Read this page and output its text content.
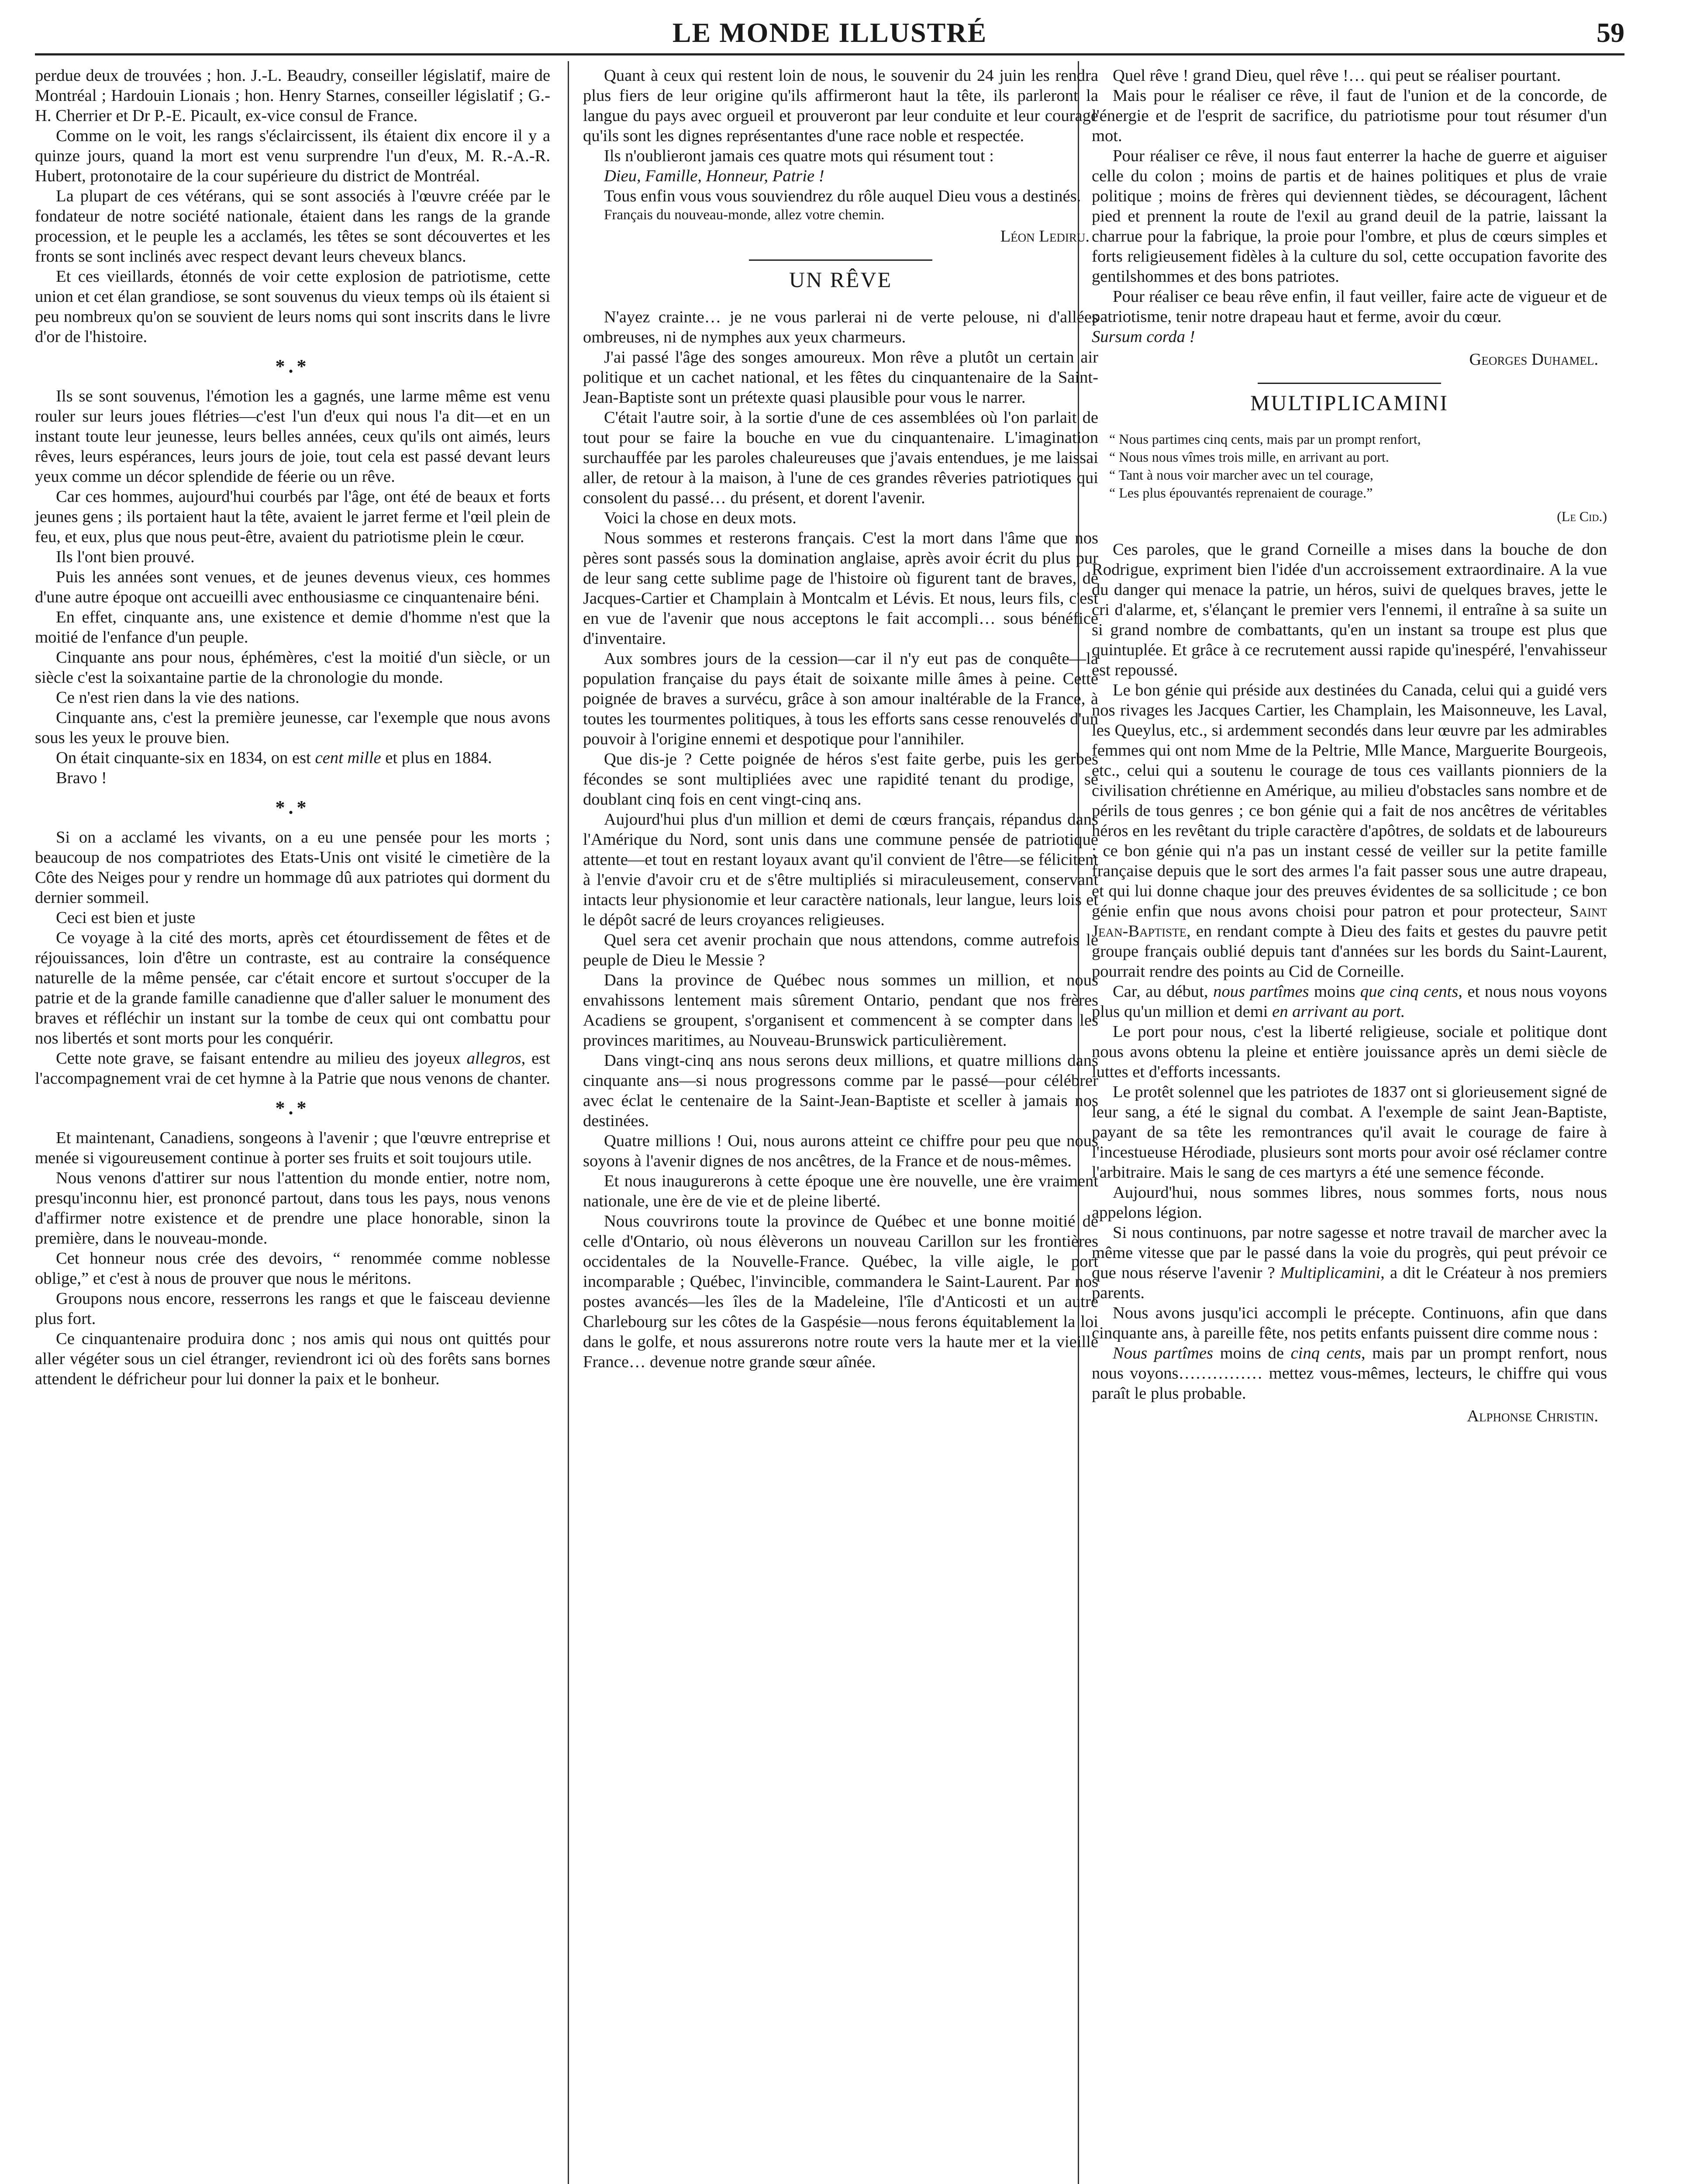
LE MONDE ILLUSTRÉ	59

perdue deux de trouvées ; hon. J.-L. Beaudry, conseiller législatif, maire de Montréal ; Hardouin Lionais ; hon. Henry Starnes, conseiller législatif ; G.-H. Cherrier et Dr P.-E. Picault, ex-vice consul de France.

Comme on le voit, les rangs s'éclaircissent, ils étaient dix encore il y a quinze jours, quand la mort est venu surprendre l'un d'eux, M. R.-A.-R. Hubert, protonotaire de la cour supérieure du district de Montréal.

La plupart de ces vétérans, qui se sont associés à l'œuvre créée par le fondateur de notre société nationale, étaient dans les rangs de la grande procession, et le peuple les a acclamés, les têtes se sont découvertes et les fronts se sont inclinés avec respect devant leurs cheveux blancs.

Et ces vieillards, étonnés de voir cette explosion de patriotisme, cette union et cet élan grandiose, se sont souvenus du vieux temps où ils étaient si peu nombreux qu'on se souvient de leurs noms qui sont inscrits dans le livre d'or de l'histoire.

*.*

Ils se sont souvenus, l'émotion les a gagnés, une larme même est venu rouler sur leurs joues flétries—c'est l'un d'eux qui nous l'a dit—et en un instant toute leur jeunesse, leurs belles années, ceux qu'ils ont aimés, leurs rêves, leurs espérances, leurs jours de joie, tout cela est passé devant leurs yeux comme un décor splendide de féerie ou un rêve.

Car ces hommes, aujourd'hui courbés par l'âge, ont été de beaux et forts jeunes gens ; ils portaient haut la tête, avaient le jarret ferme et l'œil plein de feu, et eux, plus que nous peut-être, avaient du patriotisme plein le cœur.

Ils l'ont bien prouvé.

Puis les années sont venues, et de jeunes devenus vieux, ces hommes d'une autre époque ont accueilli avec enthousiasme ce cinquantenaire béni.

En effet, cinquante ans, une existence et demie d'homme n'est que la moitié de l'enfance d'un peuple.

Cinquante ans pour nous, éphémères, c'est la moitié d'un siècle, or un siècle c'est la soixantaine partie de la chronologie du monde.

Ce n'est rien dans la vie des nations.

Cinquante ans, c'est la première jeunesse, car l'exemple que nous avons sous les yeux le prouve bien.

On était cinquante-six en 1834, on est cent mille et plus en 1884.

Bravo !

*.*

Si on a acclamé les vivants, on a eu une pensée pour les morts ; beaucoup de nos compatriotes des Etats-Unis ont visité le cimetière de la Côte des Neiges pour y rendre un hommage dû aux patriotes qui dorment du dernier sommeil.

Ceci est bien et juste

Ce voyage à la cité des morts, après cet étourdissement de fêtes et de réjouissances, loin d'être un contraste, est au contraire la conséquence naturelle de la même pensée, car c'était encore et surtout s'occuper de la patrie et de la grande famille canadienne que d'aller saluer le monument des braves et réfléchir un instant sur la tombe de ceux qui ont combattu pour nos libertés et sont morts pour les conquérir.

Cette note grave, se faisant entendre au milieu des joyeux allegros, est l'accompagnement vrai de cet hymne à la Patrie que nous venons de chanter.

*.*

Et maintenant, Canadiens, songeons à l'avenir ; que l'œuvre entreprise et menée si vigoureusement continue à porter ses fruits et soit toujours utile.

Nous venons d'attirer sur nous l'attention du monde entier, notre nom, presqu'inconnu hier, est prononcé partout, dans tous les pays, nous venons d'affirmer notre existence et de prendre une place honorable, sinon la première, dans le nouveau-monde.

Cet honneur nous crée des devoirs, “ renommée comme noblesse oblige,” et c'est à nous de prouver que nous le méritons.

Groupons nous encore, resserrons les rangs et que le faisceau devienne plus fort.

Ce cinquantenaire produira donc ; nos amis qui nous ont quittés pour aller végéter sous un ciel étranger, reviendront ici où des forêts sans bornes attendent le défricheur pour lui donner la paix et le bonheur.

Quant à ceux qui restent loin de nous, le souvenir du 24 juin les rendra plus fiers de leur origine qu'ils affirmeront haut la tête, ils parleront la langue du pays avec orgueil et prouveront par leur conduite et leur courage qu'ils sont les dignes représentantes d'une race noble et respectée.

Ils n'oublieront jamais ces quatre mots qui résument tout :

Dieu, Famille, Honneur, Patrie !

Tous enfin vous vous souviendrez du rôle auquel Dieu vous a destinés.

Français du nouveau-monde, allez votre chemin.

Léon Lediru.
UN RÊVE

N'ayez crainte… je ne vous parlerai ni de verte pelouse, ni d'allées ombreuses, ni de nymphes aux yeux charmeurs.

J'ai passé l'âge des songes amoureux. Mon rêve a plutôt un certain air politique et un cachet national, et les fêtes du cinquantenaire de la Saint-Jean-Baptiste sont un prétexte quasi plausible pour vous le narrer.

C'était l'autre soir, à la sortie d'une de ces assemblées où l'on parlait de tout pour se faire la bouche en vue du cinquantenaire. L'imagination surchauffée par les paroles chaleureuses que j'avais entendues, je me laissai aller, de retour à la maison, à l'une de ces grandes rêveries patriotiques qui consolent du passé… du présent, et dorent l'avenir.

Voici la chose en deux mots.

Nous sommes et resterons français. C'est la mort dans l'âme que nos pères sont passés sous la domination anglaise, après avoir écrit du plus pur de leur sang cette sublime page de l'histoire où figurent tant de braves, de Jacques-Cartier et Champlain à Montcalm et Lévis. Et nous, leurs fils, c'est en vue de l'avenir que nous acceptons le fait accompli… sous bénéfice d'inventaire.

Aux sombres jours de la cession—car il n'y eut pas de conquête—la population française du pays était de soixante mille âmes à peine. Cette poignée de braves a survécu, grâce à son amour inaltérable de la France, à toutes les tourmentes politiques, à tous les efforts sans cesse renouvelés d'un pouvoir à l'origine ennemi et despotique pour l'annihiler.

Que dis-je ? Cette poignée de héros s'est faite gerbe, puis les gerbes fécondes se sont multipliées avec une rapidité tenant du prodige, se doublant cinq fois en cent vingt-cinq ans.

Aujourd'hui plus d'un million et demi de cœurs français, répandus dans l'Amérique du Nord, sont unis dans une commune pensée de patriotique attente—et tout en restant loyaux avant qu'il convient de l'être—se félicitent à l'envie d'avoir cru et de s'être multipliés si miraculeusement, conservant intacts leur physionomie et leur caractère nationals, leur langue, leurs lois et le dépôt sacré de leurs croyances religieuses.

Quel sera cet avenir prochain que nous attendons, comme autrefois le peuple de Dieu le Messie ?

Dans la province de Québec nous sommes un million, et nous envahissons lentement mais sûrement Ontario, pendant que nos frères Acadiens se groupent, s'organisent et commencent à se compter dans les provinces maritimes, au Nouveau-Brunswick particulièrement.

Dans vingt-cinq ans nous serons deux millions, et quatre millions dans cinquante ans—si nous progressons comme par le passé—pour célébrer avec éclat le centenaire de la Saint-Jean-Baptiste et sceller à jamais nos destinées.

Quatre millions ! Oui, nous aurons atteint ce chiffre pour peu que nous soyons à l'avenir dignes de nos ancêtres, de la France et de nous-mêmes.

Et nous inaugurerons à cette époque une ère nouvelle, une ère vraiment nationale, une ère de vie et de pleine liberté.

Nous couvrirons toute la province de Québec et une bonne moitié de celle d'Ontario, où nous élèverons un nouveau Carillon sur les frontières occidentales de la Nouvelle-France. Québec, la ville aigle, le port incomparable ; Québec, l'invincible, commandera le Saint-Laurent. Par nos postes avancés—les îles de la Madeleine, l'île d'Anticosti et un autre Charlebourg sur les côtes de la Gaspésie—nous ferons équitablement la loi dans le golfe, et nous assurerons notre route vers la haute mer et la vieille France… devenue notre grande sœur aînée.

Quel rêve ! grand Dieu, quel rêve !… qui peut se réaliser pourtant.

Mais pour le réaliser ce rêve, il faut de l'union et de la concorde, de l'énergie et de l'esprit de sacrifice, du patriotisme pour tout résumer d'un mot.

Pour réaliser ce rêve, il nous faut enterrer la hache de guerre et aiguiser celle du colon ; moins de partis et de haines politiques et plus de vraie politique ; moins de frères qui deviennent tièdes, se découragent, lâchent pied et prennent la route de l'exil au grand deuil de la patrie, laissant la charrue pour la fabrique, la proie pour l'ombre, et plus de cœurs simples et forts religieusement fidèles à la culture du sol, cette occupation favorite des gentilshommes et des bons patriotes.

Pour réaliser ce beau rêve enfin, il faut veiller, faire acte de vigueur et de patriotisme, tenir notre drapeau haut et ferme, avoir du cœur.

Sursum corda !

Georges Duhamel.
MULTIPLICAMINI
“ Nous partimes cinq cents, mais par un prompt renfort,
“ Nous nous vîmes trois mille, en arrivant au port.
“ Tant à nous voir marcher avec un tel courage,
“ Les plus épouvantés reprenaient de courage.”
(Le Cid.)

Ces paroles, que le grand Corneille a mises dans la bouche de don Rodrigue, expriment bien l'idée d'un accroissement extraordinaire. A la vue du danger qui menace la patrie, un héros, suivi de quelques braves, jette le cri d'alarme, et, s'élançant le premier vers l'ennemi, il entraîne à sa suite un si grand nombre de combattants, qu'en un instant sa troupe est plus que quintuplée. Et grâce à ce recrutement aussi rapide qu'inespéré, l'envahisseur est repoussé.

Le bon génie qui préside aux destinées du Canada, celui qui a guidé vers nos rivages les Jacques Cartier, les Champlain, les Maisonneuve, les Laval, les Queylus, etc., si ardemment secondés dans leur œuvre par les admirables femmes qui ont nom Mme de la Peltrie, Mlle Mance, Marguerite Bourgeois, etc., celui qui a soutenu le courage de tous ces vaillants pionniers de la civilisation chrétienne en Amérique, au milieu d'obstacles sans nombre et de périls de tous genres ; ce bon génie qui a fait de nos ancêtres de véritables héros en les revêtant du triple caractère d'apôtres, de soldats et de laboureurs ; ce bon génie qui n'a pas un instant cessé de veiller sur la petite famille française depuis que le sort des armes l'a fait passer sous une autre drapeau, et qui lui donne chaque jour des preuves évidentes de sa sollicitude ; ce bon génie enfin que nous avons choisi pour patron et pour protecteur, Saint Jean-Baptiste, en rendant compte à Dieu des faits et gestes du pauvre petit groupe français oublié depuis tant d'années sur les bords du Saint-Laurent, pourrait rendre des points au Cid de Corneille.

Car, au début, nous partîmes moins que cinq cents, et nous nous voyons plus qu'un million et demi en arrivant au port.

Le port pour nous, c'est la liberté religieuse, sociale et politique dont nous avons obtenu la pleine et entière jouissance après un demi siècle de luttes et d'efforts incessants.

Le protêt solennel que les patriotes de 1837 ont si glorieusement signé de leur sang, a été le signal du combat. A l'exemple de saint Jean-Baptiste, payant de sa tête les remontrances qu'il avait le courage de faire à l'incestueuse Hérodiade, plusieurs sont morts pour avoir osé réclamer contre l'arbitraire. Mais le sang de ces martyrs a été une semence féconde.

Aujourd'hui, nous sommes libres, nous sommes forts, nous nous appelons légion.

Si nous continuons, par notre sagesse et notre travail de marcher avec la même vitesse que par le passé dans la voie du progrès, qui peut prévoir ce que nous réserve l'avenir ? Multiplicamini, a dit le Créateur à nos premiers parents.

Nous avons jusqu'ici accompli le précepte. Continuons, afin que dans cinquante ans, à pareille fête, nos petits enfants puissent dire comme nous :

Nous partîmes moins de cinq cents, mais par un prompt renfort, nous nous voyons…………… mettez vous-mêmes, lecteurs, le chiffre qui vous paraît le plus probable.

Alphonse Christin.
